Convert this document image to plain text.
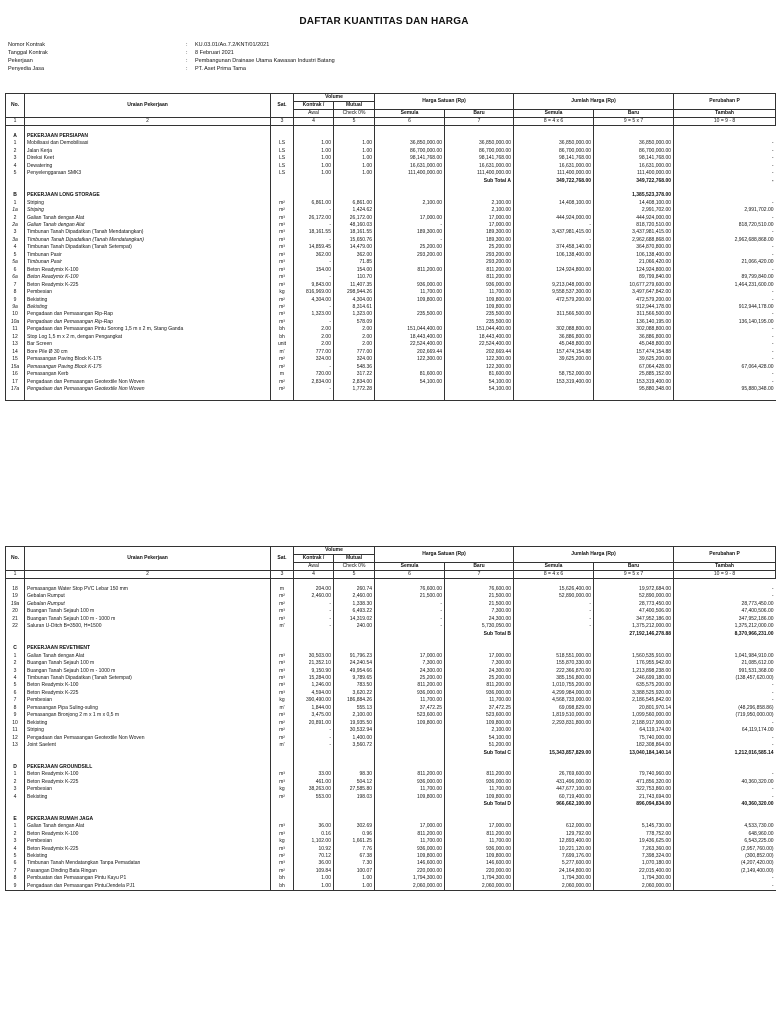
DAFTAR KUANTITAS DAN HARGA
Nomor Kontrak	:	KU.03.01/Ao.7.2/KNT/01/2021
Tanggal Kontrak	:	8 Februari 2021
Pekerjaan	:	Pembangunan Drainase Utama Kawasan Industri Batang
Penyedia Jasa	:	PT. Aset Prima Tama
No.	Uraian Pekerjaan	Sat.	Volume		Harga Satuan (Rp)		Jumlah Harga (Rp)		Perubahan P
			Kontrak /	Mutual					
			Awal	Check 0%	Semula	Baru	Semula	Baru	Tambah
1	2	3	4	5	6	7	8 = 4 x 6	9 = 5 x 7	10 = 9 - 8

A	PEKERJAAN PERSIAPAN								
1	Mobilisasi dan Demobilisasi	LS	1.00	1.00	36,850,000.00	36,850,000.00	36,850,000.00	36,850,000.00	-
2	Jalan Kerja	LS	1.00	1.00	86,700,000.00	86,700,000.00	86,700,000.00	86,700,000.00	-
3	Direksi Keet	LS	1.00	1.00	98,141,768.00	98,141,768.00	98,141,768.00	98,141,768.00	-
4	Dewatering	LS	1.00	1.00	16,631,000.00	16,631,000.00	16,631,000.00	16,631,000.00	-
5	Penyelenggaraan SMK3	LS	1.00	1.00	111,400,000.00	111,400,000.00	111,400,000.00	111,400,000.00	-
						Sub Total A	349,722,768.00	349,722,768.00	-

B	PEKERJAAN LONG STORAGE							1,385,523,378.00	
1	Striping	m²	6,861.00	6,861.00	2,100.00	2,100.00	14,408,100.00	14,408,100.00	-
1a	Striping	m²	-	1,424.62		2,100.00		2,991,702.00	2,991,702.00
2	Galian Tanah dengan Alat	m³	26,172.00	26,172.00	17,000.00	17,000.00	444,924,000.00	444,924,000.00	-
2a	Galian Tanah dengan Alat	m³	-	48,160.03	-	17,000.00	-	818,720,510.00	818,720,510.00
3	Timbunan Tanah Dipadatkan (Tanah Mendatangkan)	m³	18,161.55	18,161.55	189,300.00	189,300.00	3,437,981,415.00	3,437,981,415.00	-
3a	Timbunan Tanah Dipadatkan (Tanah Mendatangkan)	m³	-	15,650.76	-	189,300.00	-	2,962,688,868.00	2,962,688,868.00
4	Timbunan Tanah Dipadatkan (Tanah Setempat)	m³	14,859.45	14,479.00	25,200.00	25,200.00	374,458,140.00	364,870,800.00	-
5	Timbunan Pasir	m³	362.00	362.00	293,200.00	293,200.00	106,138,400.00	106,138,400.00	-
5a	Timbunan Pasir	m³	-	71.85		293,200.00		21,066,420.00	21,066,420.00
6	Beton Readymix K-100	m³	154.00	154.00	811,200.00	811,200.00	124,924,800.00	124,924,800.00	-
6a	Beton Readymix K-100	m³	-	110.70		811,200.00		89,799,840.00	89,799,840.00
7	Beton Readymix K-225	m³	9,843.00	11,407.35	936,000.00	936,000.00	9,213,048,000.00	10,677,279,600.00	1,464,231,600.00
8	Pembesian	kg	816,969.00	298,944.26	11,700.00	11,700.00	9,558,537,300.00	3,497,647,842.00	-
9	Bekisting	m²	4,304.00	4,304.00	109,800.00	109,800.00	472,579,200.00	472,579,200.00	-
9a	Bekisting	m²	-	8,314.61		109,800.00		912,944,178.00	912,944,178.00
10	Pengadaan dan Pemasangan Rip-Rap	m³	1,323.00	1,323.00	235,500.00	235,500.00	311,566,500.00	311,566,500.00	-
10a	Pengadaan dan Pemasangan Rip-Rap	m³	-	578.09		235,500.00		136,140,195.00	136,140,195.00
11	Pengadaan dan Pemasangan Pintu Sorong 1,5 m x 2 m, Stang Ganda	bh	2.00	2.00	151,044,400.00	151,044,400.00	302,088,800.00	302,088,800.00	-
12	Stop Log 1,5 m x 2 m, dengan Pengangkat	bh	2.00	2.00	18,443,400.00	18,443,400.00	36,886,800.00	36,886,800.00	-
13	Bar Screen	unit	2.00	2.00	22,524,400.00	22,524,400.00	45,048,800.00	45,048,800.00	-
14	Bore Pile Ø 30 cm	m'	777.00	777.00	202,669.44	202,669.44	157,474,154.88	157,474,154.88	-
15	Pemasangan Paving Block K-175	m²	324.00	324.00	122,300.00	122,300.00	39,625,200.00	39,625,200.00	-
15a	Pemasangan Paving Block K-175	m²	-	548.36		122,300.00		67,064,428.00	67,064,428.00
16	Pemasangan Kerb	m	720.00	317.22	81,600.00	81,600.00	58,752,000.00	25,885,152.00	-
17	Pengadaan dan Pemasangan Geotextile Non Woven	m²	2,834.00	2,834.00	54,100.00	54,100.00	153,319,400.00	153,319,400.00	-
17a	Pengadaan dan Pemasangan Geotextile Non Woven	m²	-	1,772.28		54,100.00		95,880,348.00	95,880,348.00

No.	Uraian Pekerjaan	Sat.	Volume		Harga Satuan (Rp)		Jumlah Harga (Rp)		Perubahan P
			Kontrak /	Mutual					
			Awal	Check 0%	Semula	Baru	Semula	Baru	Tambah
1	2	3	4	5	6	7	8 = 4 x 6	9 = 5 x 7	10 = 9 - 8

18	Pemasangan Water Stop PVC Lebar 150 mm	m	204.00	260.74	76,600.00	76,600.00	15,626,400.00	19,972,684.00	-
19	Gebalan Rumput	m²	2,460.00	2,460.00	21,500.00	21,500.00	52,890,000.00	52,890,000.00	-
19a	Gebalan Rumput	m²	-	1,338.30	-	21,500.00	-	28,773,450.00	28,773,450.00
20	Buangan Tanah Sejauh 100 m	m³	-	6,493.22	-	7,300.00	-	47,400,506.00	47,400,506.00
21	Buangan Tanah Sejauh 100 m - 1000 m	m³	-	14,319.02	-	24,300.00	-	347,952,186.00	347,952,186.00
22	Saluran U-Ditch B=3500, H=1500	m'	-	240.00	-	5,730,050.00	-	1,375,212,000.00	1,375,212,000.00
						Sub Total B		27,192,146,278.88	8,370,966,231.00

C	PEKERJAAN REVETMENT								
1	Galian Tanah dengan Alat	m³	30,503.00	91,796.23	17,000.00	17,000.00	518,551,000.00	1,560,535,910.00	1,041,984,910.00
2	Buangan Tanah Sejauh 100 m	m³	21,352.10	24,240.54	7,300.00	7,300.00	155,870,330.00	176,955,942.00	21,085,612.00
3	Buangan Tanah Sejauh 100 m - 1000 m	m³	9,150.90	49,954.66	24,300.00	24,300.00	222,366,870.00	1,213,898,238.00	991,531,368.00
4	Timbunan Tanah Dipadatkan (Tanah Setempat)	m³	15,284.00	9,789.65	25,200.00	25,200.00	385,156,800.00	246,699,180.00	(138,457,620.00)
5	Beton Readymix K-100	m³	1,246.00	783.50	811,200.00	811,200.00	1,010,755,200.00	635,575,200.00	-
6	Beton Readymix K-225	m³	4,594.00	3,620.22	936,000.00	936,000.00	4,299,984,000.00	3,388,525,920.00	-
7	Pembesian	kg	390,490.00	186,884.26	11,700.00	11,700.00	4,568,733,000.00	2,186,545,842.00	-
8	Pemasangan Pipa Suling-suling	m'	1,844.00	555.13	37,472.25	37,472.25	69,098,829.00	20,801,970.14	(48,296,858.86)
9	Pemasangan Bronjong 2 m x 1 m x 0,5 m	m³	3,475.00	2,100.00	523,600.00	523,600.00	1,819,510,000.00	1,099,560,000.00	(719,950,000.00)
10	Bekisting	m²	20,891.00	19,935.50	109,800.00	109,800.00	2,293,831,800.00	2,188,917,900.00	-
11	Striping	m²	-	30,532.94		2,100.00		64,119,174.00	64,119,174.00
12	Pengadaan dan Pemasangan Geotextile Non Woven	m²	-	1,400.00		54,100.00		75,740,000.00	-
13	Joint Saelent	m'	-	3,560.72		51,200.00		182,308,864.00	-
						Sub Total C	15,343,857,829.00	13,040,184,140.14	1,212,016,585.14

D	PEKERJAAN GROUNDSILL								
1	Beton Readymix K-100	m³	33.00	98.30	811,200.00	811,200.00	26,769,600.00	79,740,960.00	-
2	Beton Readymix K-225	m³	461.00	504.12	936,000.00	936,000.00	431,496,000.00	471,856,320.00	40,360,320.00
3	Pembesian	kg	38,263.00	27,585.80	11,700.00	11,700.00	447,677,100.00	322,753,860.00	-
4	Bekisting	m²	553.00	198.03	109,800.00	109,800.00	60,719,400.00	21,743,694.00	-
						Sub Total D	966,662,100.00	896,094,834.00	40,360,320.00

E	PEKERJAAN RUMAH JAGA								
1	Galian Tanah dengan Alat	m³	36.00	302.69	17,000.00	17,000.00	612,000.00	5,145,730.00	4,533,730.00
2	Beton Readymix K-100	m³	0.16	0.96	811,200.00	811,200.00	129,792.00	778,752.00	648,960.00
3	Pembesian	kg	1,102.00	1,661.25	11,700.00	11,700.00	12,893,400.00	19,436,625.00	6,543,225.00
4	Beton Readymix K-225	m³	10.92	7.76	936,000.00	936,000.00	10,221,120.00	7,263,360.00	(2,957,760.00)
5	Bekisting	m²	70.12	67.38	109,800.00	109,800.00	7,699,176.00	7,398,324.00	(300,852.00)
6	Timbunan Tanah Mendatangkan Tanpa Pemadatan	m³	36.00	7.30	146,600.00	146,600.00	5,277,600.00	1,070,180.00	(4,207,420.00)
7	Pasangan Dinding Bata Ringan	m²	109.84	100.07	220,000.00	220,000.00	24,164,800.00	22,015,400.00	(2,149,400.00)
8	Pembuatan dan Pemasangan Pintu Kayu P1	bh	1.00	1.00	1,794,300.00	1,794,300.00	1,794,300.00	1,794,300.00	-
9	Pengadaan dan Pemasangan Pintu/Jendela PJ1	bh	1.00	1.00	2,060,000.00	2,060,000.00	2,060,000.00	2,060,000.00	-
